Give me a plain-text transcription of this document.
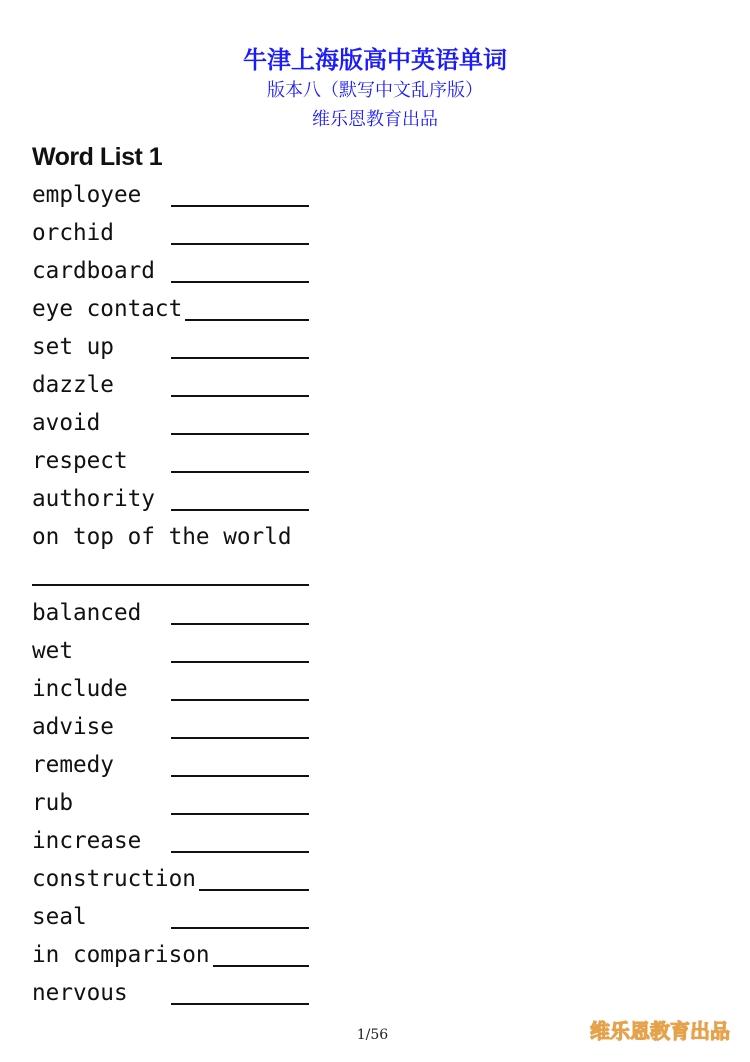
牛津上海版高中英语单词
版本八（默写中文乱序版）
维乐恩教育出品
Word List 1
employee
orchid
cardboard
eye contact
set up
dazzle
avoid
respect
authority
on top of the world
balanced
wet
include
advise
remedy
rub
increase
construction
seal
in comparison
nervous
1/56	维乐恩教育出品
